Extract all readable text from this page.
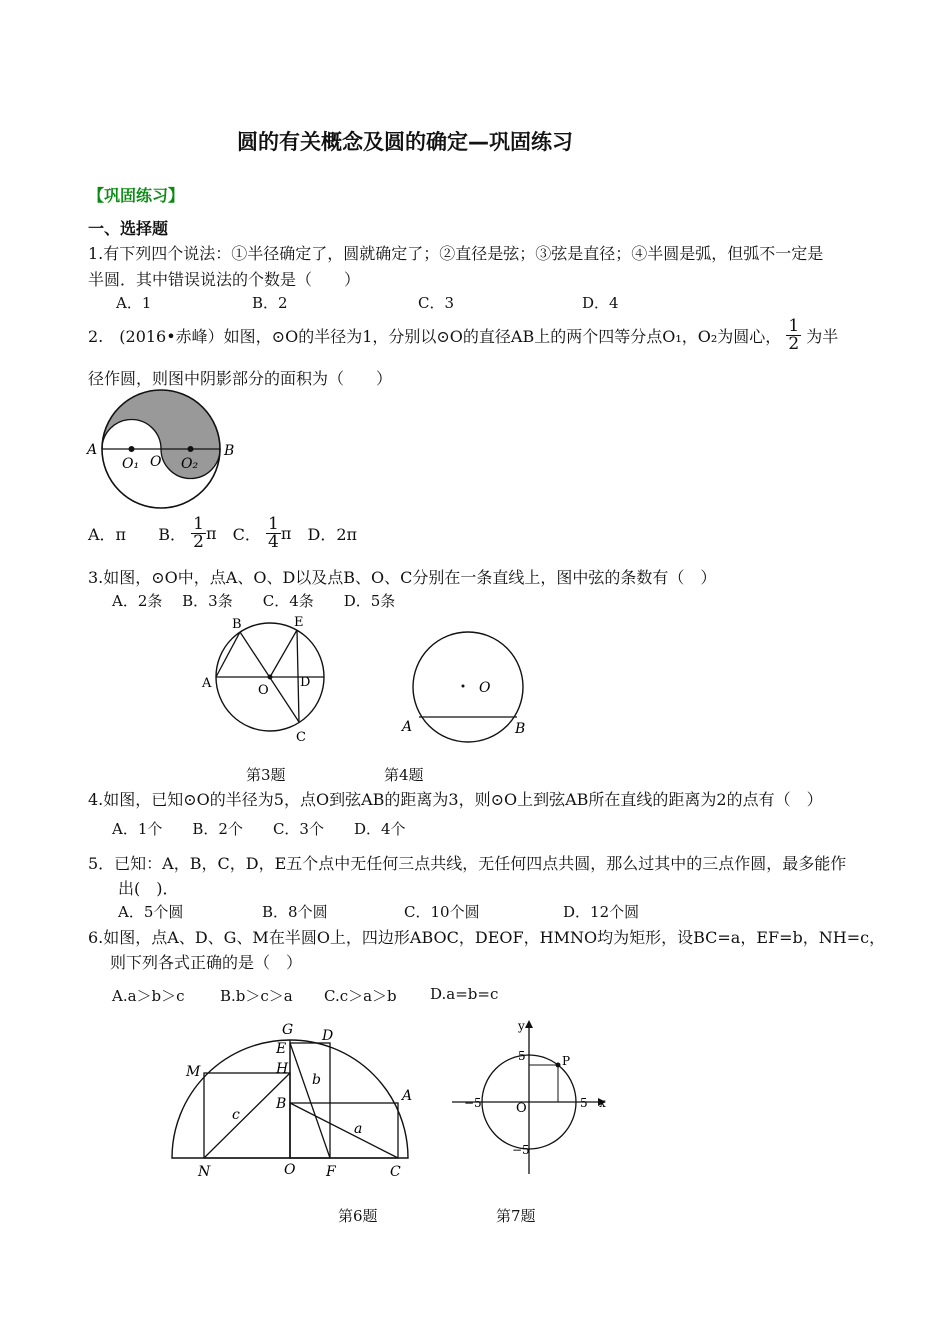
圆的有关概念及圆的确定—巩固练习
【巩固练习】
一、选择题
1.有下列四个说法：①半径确定了，圆就确定了；②直径是弦；③弦是直径；④半圆是弧，但弧不一定是
半圆．其中错误说法的个数是（　　）
A．1	B．2	C．3	D．4
2.　(2016•赤峰）如图，⊙O的半径为1，分别以⊙O的直径AB上的两个四等分点O₁，O₂为圆心， $\frac{1}{2}$ 为半
径作圆，则图中阴影部分的面积为（　　）
A	B
O₁ O O₂
A．π B． $\frac{1}{2}$ π C． $\frac{1}{4}$ π D．2π
3.如图，⊙O中，点A、O、D以及点B、O、C分别在一条直线上，图中弦的条数有（　）
A．2条　 B．3条　　C．4条　　D．5条
B	E
A	O
D
C
O
A	B
第3题	第4题
4.如图，已知⊙O的半径为5，点O到弦AB的距离为3，则⊙O上到弦AB所在直线的距离为2的点有（　）
A．1个　　B．2个　　C．3个　　D．4个
5．已知：A，B，C，D，E五个点中无任何三点共线，无任何四点共圆，那么过其中的三点作圆，最多能作
出(　)．
A．5个圆	B．8个圆	C．10个圆	D．12个圆
6.如图，点A、D、G、M在半圆O上，四边形ABOC，DEOF，HMNO均为矩形，设BC=a，EF=b，NH=c，
则下列各式正确的是（　）
A.a＞b＞c B.b＞c＞a C.c＞a＞b D.a=b=c
G D
E
M	H
b
A
c
B
a
N	O F	C
y
5	P
−5	O	5 x
−5
第6题	第7题
